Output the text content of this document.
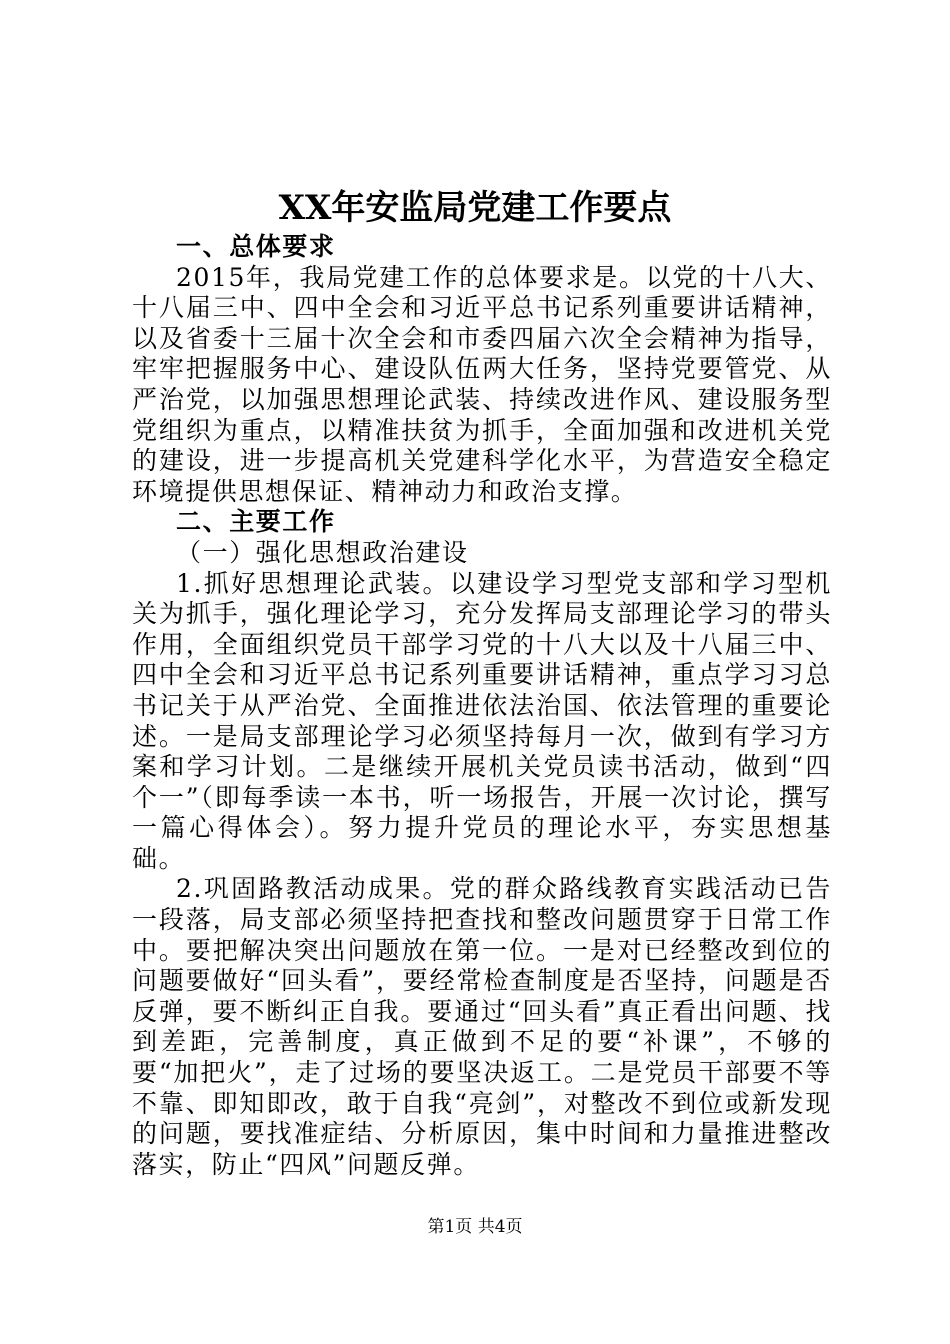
XX年安监局党建工作要点

一、总体要求

2015年，我局党建工作的总体要求是。以党的十八大、十八届三中、四中全会和习近平总书记系列重要讲话精神，以及省委十三届十次全会和市委四届六次全会精神为指导，牢牢把握服务中心、建设队伍两大任务，坚持党要管党、从严治党，以加强思想理论武装、持续改进作风、建设服务型党组织为重点，以精准扶贫为抓手，全面加强和改进机关党的建设，进一步提高机关党建科学化水平，为营造安全稳定环境提供思想保证、精神动力和政治支撑。

二、主要工作

（一）强化思想政治建设

1.抓好思想理论武装。以建设学习型党支部和学习型机关为抓手，强化理论学习，充分发挥局支部理论学习的带头作用，全面组织党员干部学习党的十八大以及十八届三中、四中全会和习近平总书记系列重要讲话精神，重点学习习总书记关于从严治党、全面推进依法治国、依法管理的重要论述。一是局支部理论学习必须坚持每月一次，做到有学习方案和学习计划。二是继续开展机关党员读书活动，做到“四个一”（即每季读一本书，听一场报告，开展一次讨论，撰写一篇心得体会）。努力提升党员的理论水平，夯实思想基础。

2.巩固路教活动成果。党的群众路线教育实践活动已告一段落，局支部必须坚持把查找和整改问题贯穿于日常工作中。要把解决突出问题放在第一位。一是对已经整改到位的问题要做好“回头看”，要经常检查制度是否坚持，问题是否反弹，要不断纠正自我。要通过“回头看”真正看出问题、找到差距，完善制度，真正做到不足的要“补课”，不够的要“加把火”，走了过场的要坚决返工。二是党员干部要不等不靠、即知即改，敢于自我“亮剑”，对整改不到位或新发现的问题，要找准症结、分析原因，集中时间和力量推进整改落实，防止“四风”问题反弹。

第1页 共4页
